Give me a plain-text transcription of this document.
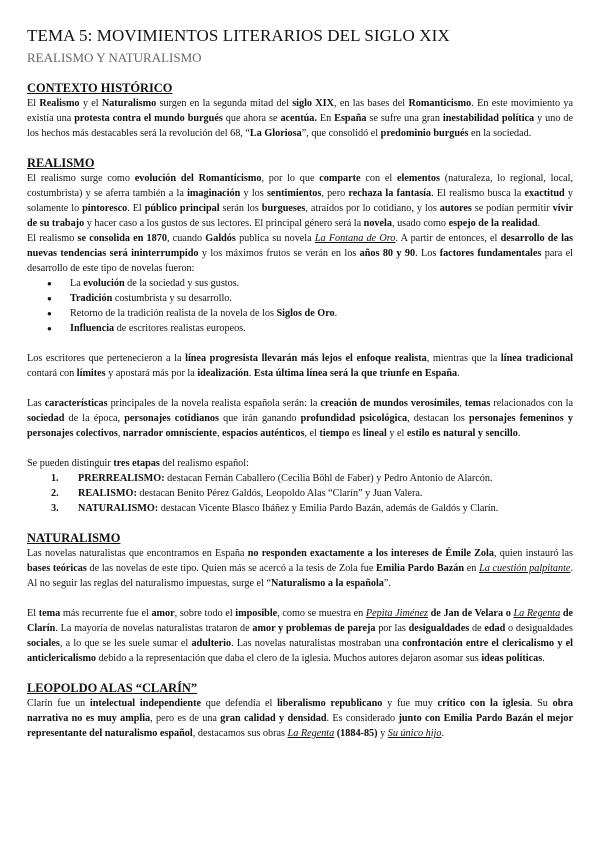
TEMA 5: MOVIMIENTOS LITERARIOS DEL SIGLO XIX
REALISMO Y NATURALISMO
CONTEXTO HISTÓRICO

El Realismo y el Naturalismo surgen en la segunda mitad del siglo XIX, en las bases del Romanticismo. En este movimiento ya existía una protesta contra el mundo burgués que ahora se acentúa. En España se sufre una gran inestabilidad política y uno de los hechos más destacables será la revolución del 68, “La Gloriosa”, que consolidó el predominio burgués en la sociedad.

REALISMO

El realismo surge como evolución del Romanticismo, por lo que comparte con el elementos (naturaleza, lo regional, local, costumbrista) y se aferra también a la imaginación y los sentimientos, pero rechaza la fantasía. El realismo busca la exactitud y solamente lo pintoresco. El público principal serán los burgueses, atraídos por lo cotidiano, y los autores se podían permitir vivir de su trabajo y hacer caso a los gustos de sus lectores. El principal género será la novela, usado como espejo de la realidad.

El realismo se consolida en 1870, cuando Galdós publica su novela La Fontana de Oro. A partir de entonces, el desarrollo de las nuevas tendencias será ininterrumpido y los máximos frutos se verán en los años 80 y 90. Los factores fundamentales para el desarrollo de este tipo de novelas fueron:

● La evolución de la sociedad y sus gustos.
● Tradición costumbrista y su desarrollo.
● Retorno de la tradición realista de la novela de los Siglos de Oro.
● Influencia de escritores realistas europeos.

Los escritores que pertenecieron a la línea progresista llevarán más lejos el enfoque realista, mientras que la línea tradicional contará con límites y apostará más por la idealización. Esta última línea será la que triunfe en España.

Las características principales de la novela realista española serán: la creación de mundos verosímiles, temas relacionados con la sociedad de la época, personajes cotidianos que irán ganando profundidad psicológica, destacan los personajes femeninos y personajes colectivos, narrador omnisciente, espacios auténticos, el tiempo es lineal y el estilo es natural y sencillo.

Se pueden distinguir tres etapas del realismo español:

1. PRERREALISMO: destacan Fernán Caballero (Cecilia Böhl de Faber) y Pedro Antonio de Alarcón.
2. REALISMO: destacan Benito Pérez Galdós, Leopoldo Alas “Clarín” y Juan Valera.
3. NATURALISMO: destacan Vicente Blasco Ibáñez y Emilia Pardo Bazán, además de Galdós y Clarín.
NATURALISMO

Las novelas naturalistas que encontramos en España no responden exactamente a los intereses de Émile Zola, quien instauró las bases teóricas de las novelas de este tipo. Quien más se acercó a la tesis de Zola fue Emilia Pardo Bazán en La cuestión palpitante. Al no seguir las reglas del naturalismo impuestas, surge el “Naturalismo a la española”.

El tema más recurrente fue el amor, sobre todo el imposible, como se muestra en Pepita Jiménez de Jan de Velara o La Regenta de Clarín. La mayoría de novelas naturalistas trataron de amor y problemas de pareja por las desigualdades de edad o desigualdades sociales, a lo que se les suele sumar el adulterio. Las novelas naturalistas mostraban una confrontación entre el clericalismo y el anticlericalismo debido a la representación que daba el clero de la iglesia. Muchos autores dejaron asomar sus ideas políticas.

LEOPOLDO ALAS “CLARÍN”

Clarín fue un intelectual independiente que defendía el liberalismo republicano y fue muy crítico con la iglesia. Su obra narrativa no es muy amplia, pero es de una gran calidad y densidad. Es considerado junto con Emilia Pardo Bazán el mejor representante del naturalismo español, destacamos sus obras La Regenta (1884-85) y Su único hijo.
